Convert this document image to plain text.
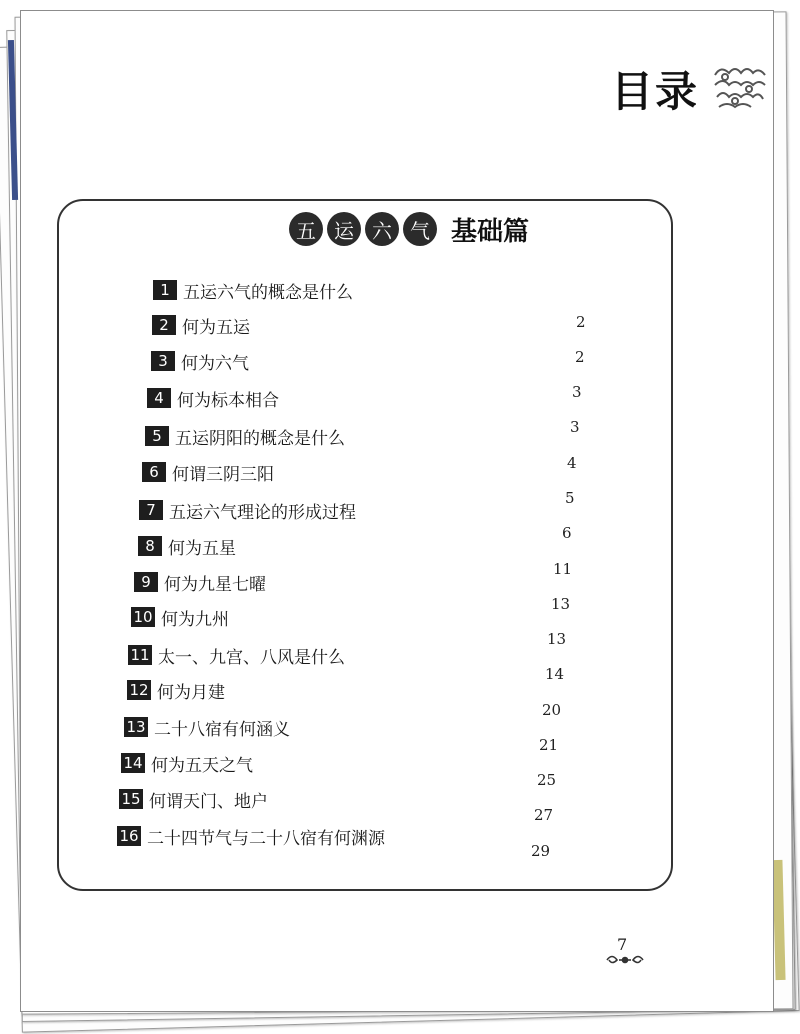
目录
五 运 六 气 基础篇
1 五运六气的概念是什么
2 何为五运
3 何为六气
4 何为标本相合
5 五运阴阳的概念是什么
6 何谓三阴三阳
7 五运六气理论的形成过程
8 何为五星
9 何为九星七曜
10 何为九州
11 太一、九宫、八风是什么
12 何为月建
13 二十八宿有何涵义
14 何为五天之气
15 何谓天门、地户
16 二十四节气与二十八宿有何渊源
2
2
3
3
4
5
6
11
13
13
14
20
21
25
27
29
7
